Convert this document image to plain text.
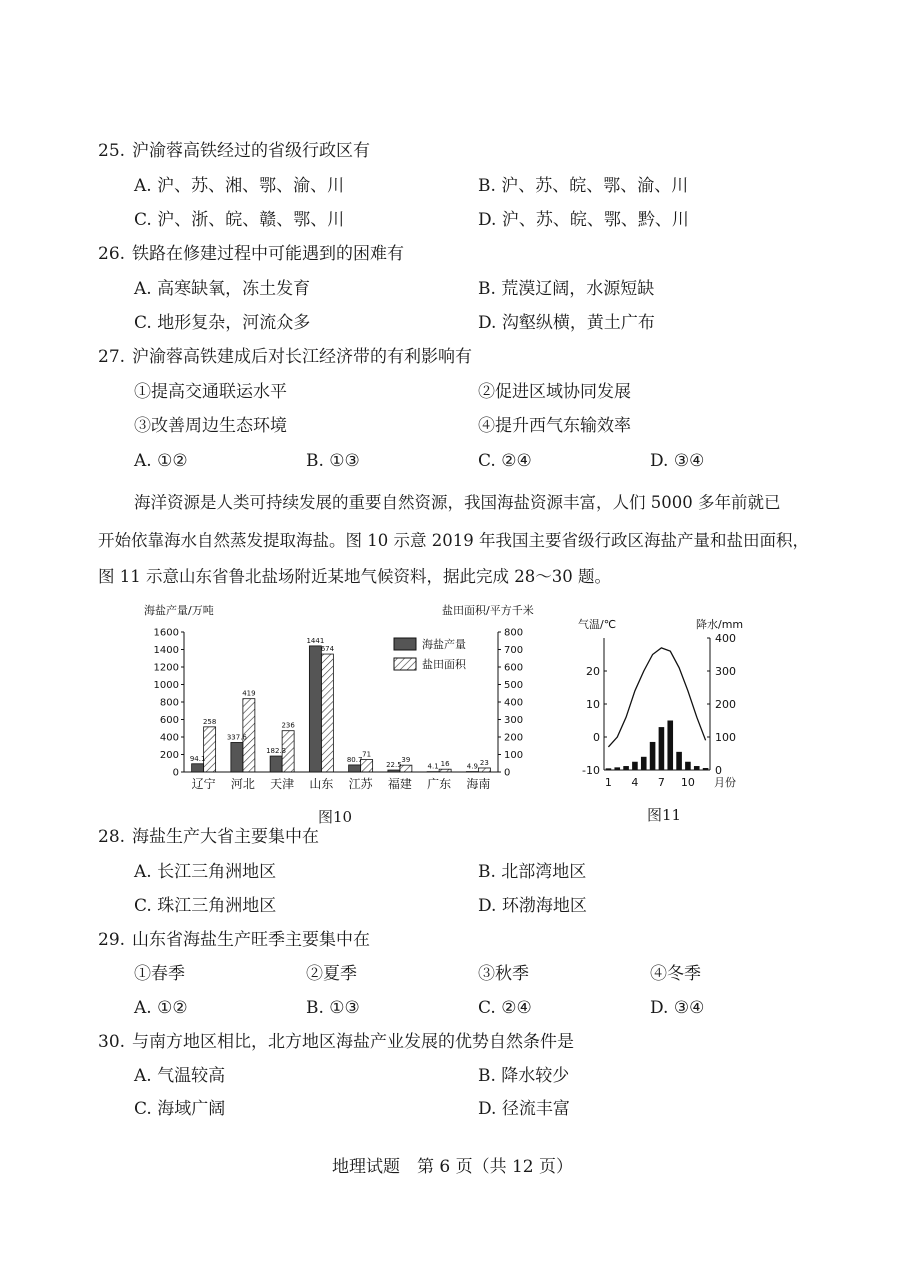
25. 沪渝蓉高铁经过的省级行政区有
A. 沪、苏、湘、鄂、渝、川	B. 沪、苏、皖、鄂、渝、川
C. 沪、浙、皖、赣、鄂、川	D. 沪、苏、皖、鄂、黔、川
26. 铁路在修建过程中可能遇到的困难有
A. 高寒缺氧，冻土发育	B. 荒漠辽阔，水源短缺
C. 地形复杂，河流众多	D. 沟壑纵横，黄土广布
27. 沪渝蓉高铁建成后对长江经济带的有利影响有
①提高交通联运水平	②促进区域协同发展
③改善周边生态环境	④提升西气东输效率
A. ①②	B. ①③	C. ②④	D. ③④
海洋资源是人类可持续发展的重要自然资源，我国海盐资源丰富，人们 5000 多年前就已
开始依靠海水自然蒸发提取海盐。图 10 示意 2019 年我国主要省级行政区海盐产量和盐田面积，
图 11 示意山东省鲁北盐场附近某地气候资料，据此完成 28～30 题。
海盐产量/万吨	盐田面积/平方千米
0
200
400
600
800
1000
1200
1400
1600
0
100
200
300
400
500
600
700
800
94.1
258
辽宁
337.6
419
河北
182.3
236
天津
1441
674
山东
80.7
71
江苏
22.5
39
福建
4.1 16
广东
4.9 23
海南
海盐产量
盐田面积
图10
气温/℃	降水/mm
-10
0
10
20
0
100
200
300
400
1 4 7 10 月份
图11
28. 海盐生产大省主要集中在
A. 长江三角洲地区	B. 北部湾地区
C. 珠江三角洲地区	D. 环渤海地区
29. 山东省海盐生产旺季主要集中在
①春季	②夏季	③秋季	④冬季
A. ①②	B. ①③	C. ②④	D. ③④
30. 与南方地区相比，北方地区海盐产业发展的优势自然条件是
A. 气温较高	B. 降水较少
C. 海域广阔	D. 径流丰富
地理试题　第 6 页（共 12 页）
